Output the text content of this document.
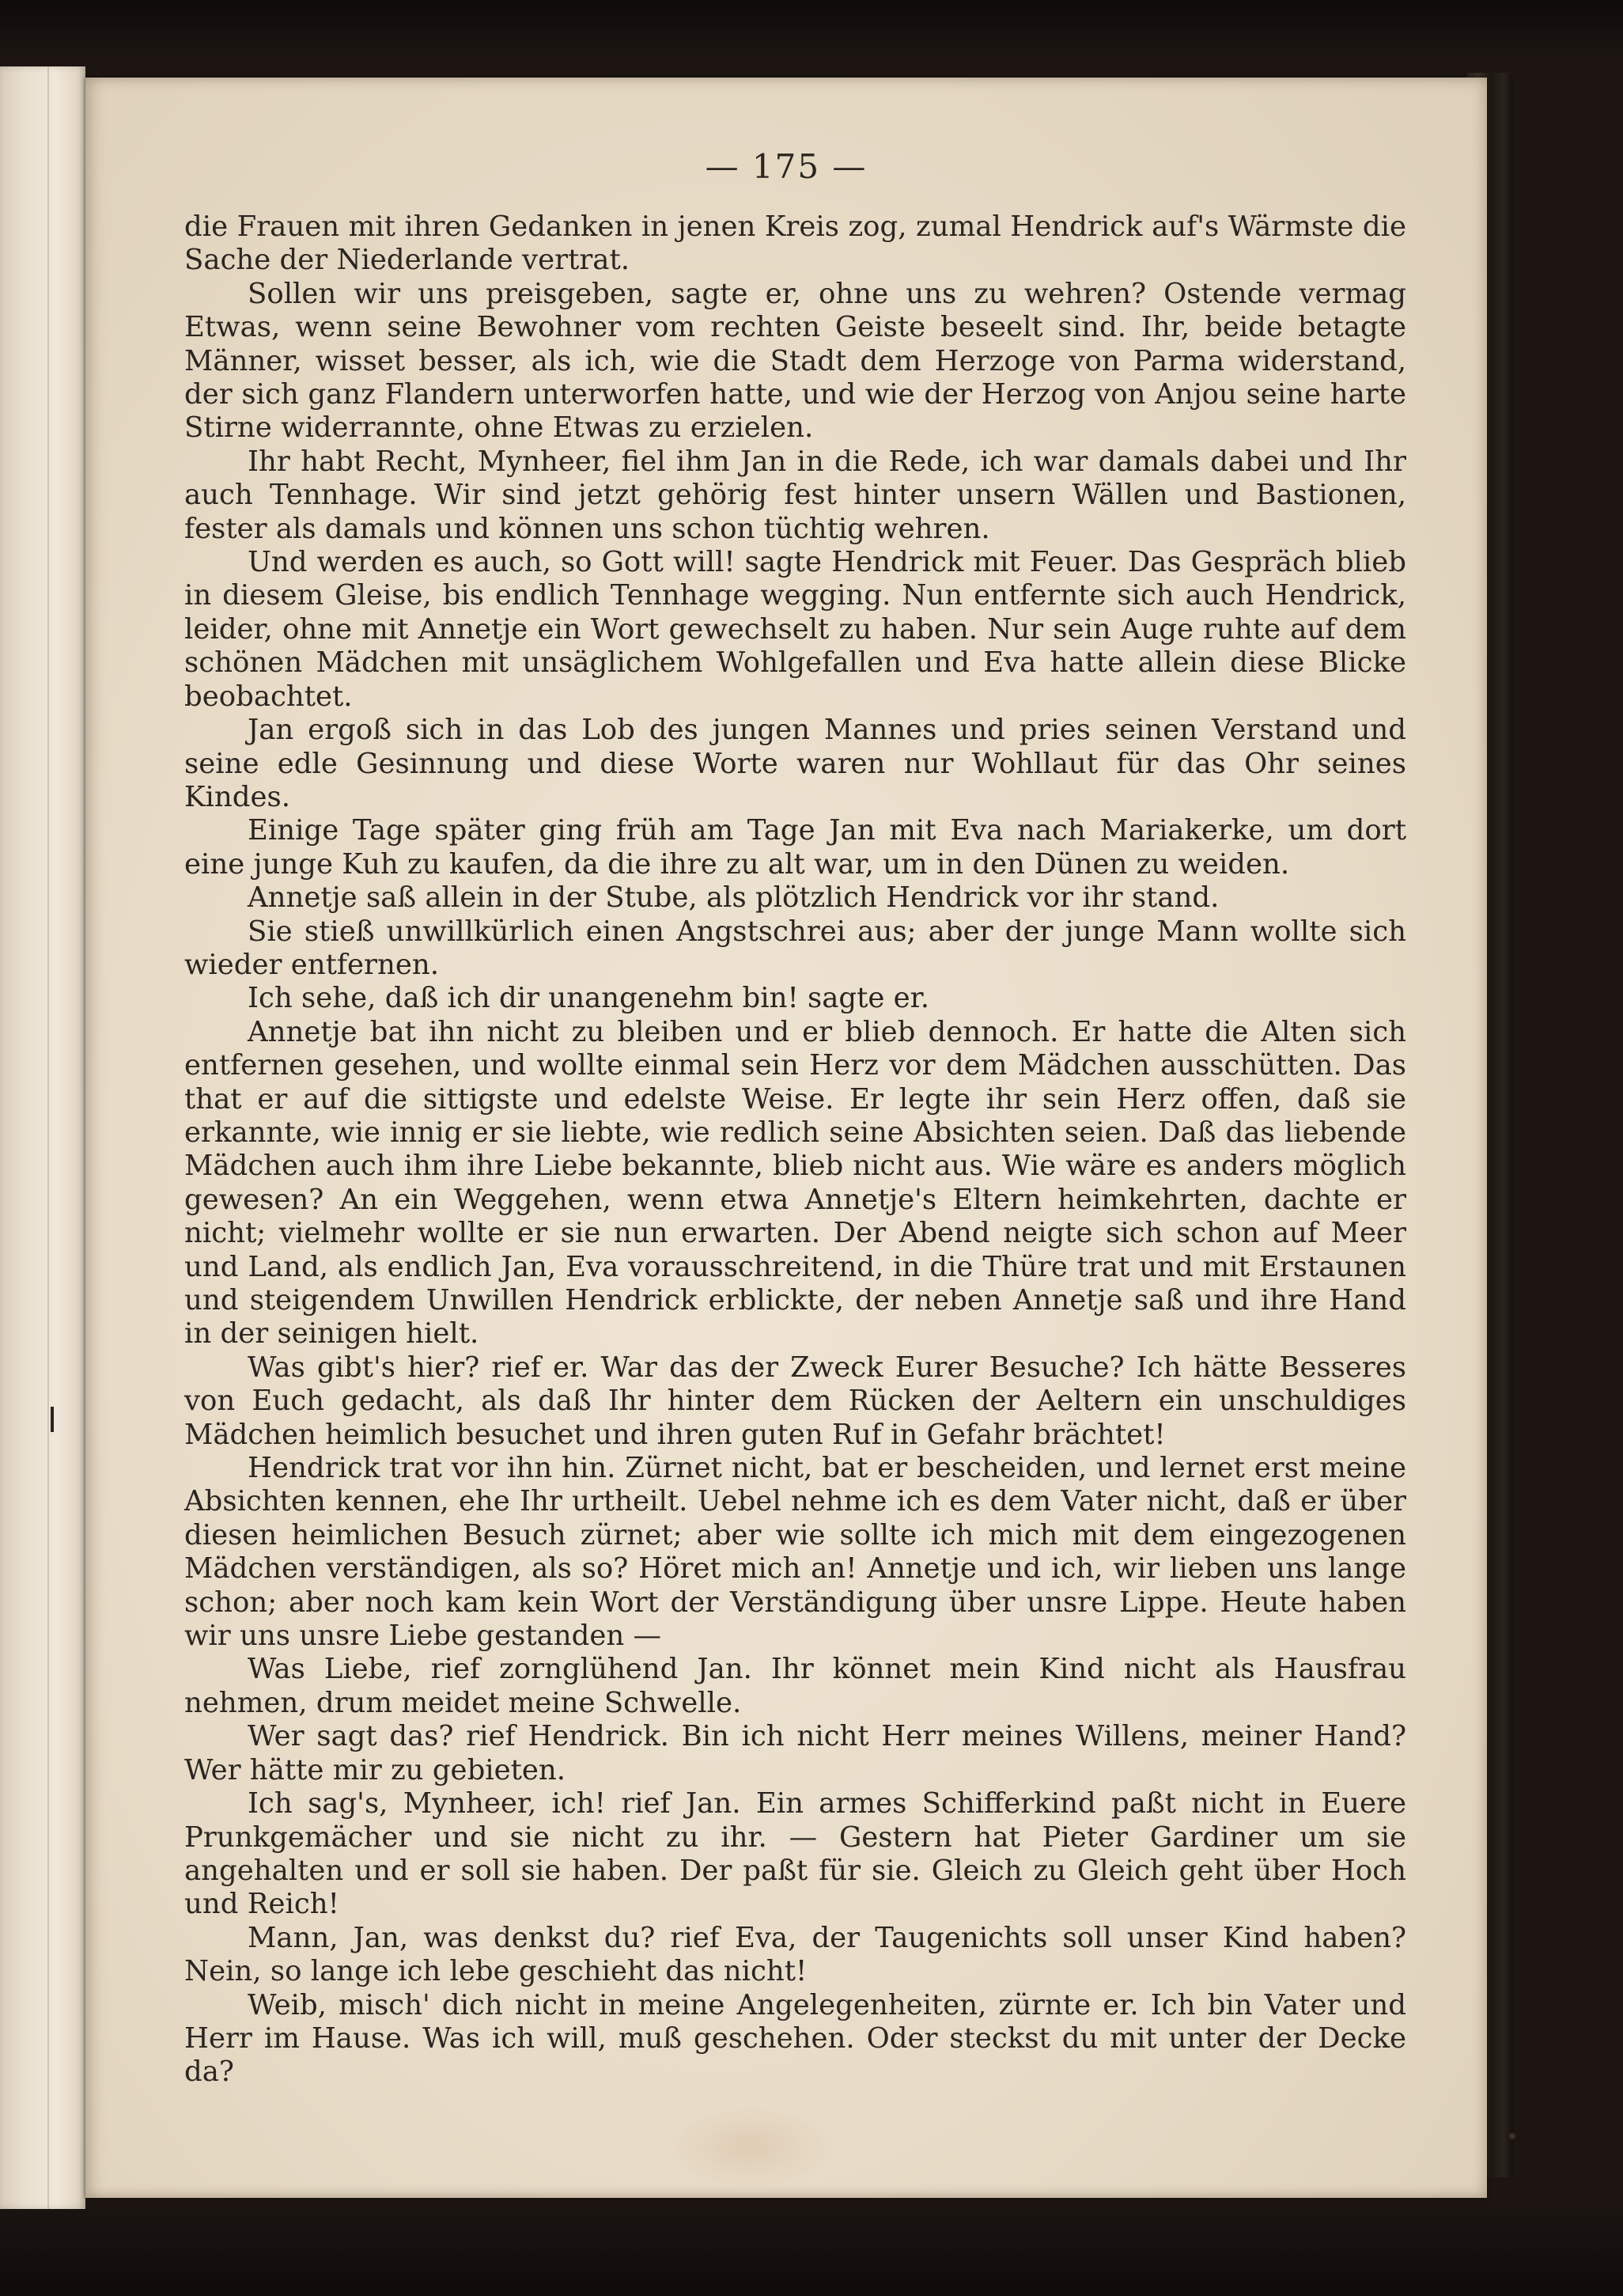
— 175 —

die Frauen mit ihren Gedanken in jenen Kreis zog, zumal Hendrick auf's Wärmste die Sache der Niederlande vertrat.

Sollen wir uns preisgeben, sagte er, ohne uns zu wehren? Ostende vermag Etwas, wenn seine Bewohner vom rechten Geiste beseelt sind. Ihr, beide betagte Männer, wisset besser, als ich, wie die Stadt dem Herzoge von Parma widerstand, der sich ganz Flandern unterworfen hatte, und wie der Herzog von Anjou seine harte Stirne widerrannte, ohne Etwas zu erzielen.

Ihr habt Recht, Mynheer, fiel ihm Jan in die Rede, ich war damals dabei und Ihr auch Tennhage. Wir sind jetzt gehörig fest hinter unsern Wällen und Bastionen, fester als damals und können uns schon tüchtig wehren.

Und werden es auch, so Gott will! sagte Hendrick mit Feuer. Das Gespräch blieb in diesem Gleise, bis endlich Tennhage wegging. Nun entfernte sich auch Hendrick, leider, ohne mit Annetje ein Wort gewechselt zu haben. Nur sein Auge ruhte auf dem schönen Mädchen mit unsäglichem Wohlgefallen und Eva hatte allein diese Blicke beobachtet.

Jan ergoß sich in das Lob des jungen Mannes und pries seinen Verstand und seine edle Gesinnung und diese Worte waren nur Wohllaut für das Ohr seines Kindes.

Einige Tage später ging früh am Tage Jan mit Eva nach Mariakerke, um dort eine junge Kuh zu kaufen, da die ihre zu alt war, um in den Dünen zu weiden.

Annetje saß allein in der Stube, als plötzlich Hendrick vor ihr stand.

Sie stieß unwillkürlich einen Angstschrei aus; aber der junge Mann wollte sich wieder entfernen.

Ich sehe, daß ich dir unangenehm bin! sagte er.

Annetje bat ihn nicht zu bleiben und er blieb dennoch. Er hatte die Alten sich entfernen gesehen, und wollte einmal sein Herz vor dem Mädchen ausschütten. Das that er auf die sittigste und edelste Weise. Er legte ihr sein Herz offen, daß sie erkannte, wie innig er sie liebte, wie redlich seine Absichten seien. Daß das liebende Mädchen auch ihm ihre Liebe bekannte, blieb nicht aus. Wie wäre es anders möglich gewesen? An ein Weggehen, wenn etwa Annetje's Eltern heimkehrten, dachte er nicht; vielmehr wollte er sie nun erwarten. Der Abend neigte sich schon auf Meer und Land, als endlich Jan, Eva vorausschreitend, in die Thüre trat und mit Erstaunen und steigendem Unwillen Hendrick erblickte, der neben Annetje saß und ihre Hand in der seinigen hielt.

Was gibt's hier? rief er. War das der Zweck Eurer Besuche? Ich hätte Besseres von Euch gedacht, als daß Ihr hinter dem Rücken der Aeltern ein unschuldiges Mädchen heimlich besuchet und ihren guten Ruf in Gefahr brächtet!

Hendrick trat vor ihn hin. Zürnet nicht, bat er bescheiden, und lernet erst meine Absichten kennen, ehe Ihr urtheilt. Uebel nehme ich es dem Vater nicht, daß er über diesen heimlichen Besuch zürnet; aber wie sollte ich mich mit dem eingezogenen Mädchen verständigen, als so? Höret mich an! Annetje und ich, wir lieben uns lange schon; aber noch kam kein Wort der Verständigung über unsre Lippe. Heute haben wir uns unsre Liebe gestanden —

Was Liebe, rief zornglühend Jan. Ihr könnet mein Kind nicht als Hausfrau nehmen, drum meidet meine Schwelle.

Wer sagt das? rief Hendrick. Bin ich nicht Herr meines Willens, meiner Hand? Wer hätte mir zu gebieten.

Ich sag's, Mynheer, ich! rief Jan. Ein armes Schifferkind paßt nicht in Euere Prunkgemächer und sie nicht zu ihr. — Gestern hat Pieter Gardiner um sie angehalten und er soll sie haben. Der paßt für sie. Gleich zu Gleich geht über Hoch und Reich!

Mann, Jan, was denkst du? rief Eva, der Taugenichts soll unser Kind haben? Nein, so lange ich lebe geschieht das nicht!

Weib, misch' dich nicht in meine Angelegenheiten, zürnte er. Ich bin Vater und Herr im Hause. Was ich will, muß geschehen. Oder steckst du mit unter der Decke da?
